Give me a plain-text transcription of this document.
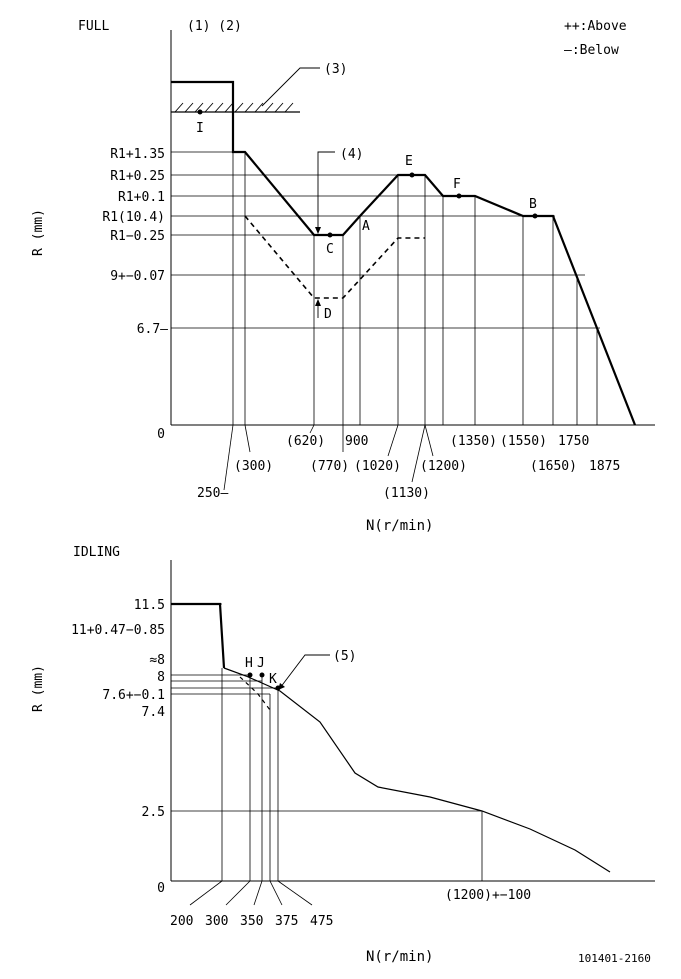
FULL	(1) (2)	++:Above
—:Below
(3)
(4)
R (mm)
N(r/min)
R1+1.35
R1+0.25
R1+0.1
R1(10.4)
R1−0.25
9+−0.07
6.7—
0
250—
(300)
(620)
(770)
900
(1020)
(1130)
(1200)
(1350) (1550)
(1650)
1750
1875
I
C
D
A
E
F
B
IDLING
(5)
R (mm)
N(r/min)
11.5
11+0.47−0.85
≈8
8
7.6+−0.1
7.4
2.5
0
200 300 350 375 475
(1200)+−100
H J
K
101401-2160
